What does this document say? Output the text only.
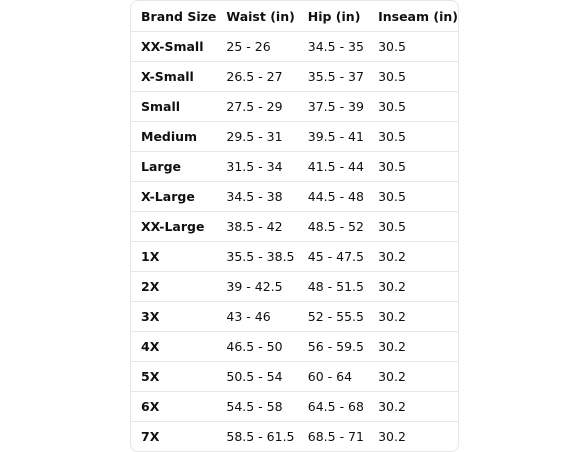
Brand Size	Waist (in)	Hip (in)	Inseam (in)
XX-Small	25 - 26	34.5 - 35	30.5
X-Small	26.5 - 27	35.5 - 37	30.5
Small	27.5 - 29	37.5 - 39	30.5
Medium	29.5 - 31	39.5 - 41	30.5
Large	31.5 - 34	41.5 - 44	30.5
X-Large	34.5 - 38	44.5 - 48	30.5
XX-Large	38.5 - 42	48.5 - 52	30.5
1X	35.5 - 38.5	45 - 47.5	30.2
2X	39 - 42.5	48 - 51.5	30.2
3X	43 - 46	52 - 55.5	30.2
4X	46.5 - 50	56 - 59.5	30.2
5X	50.5 - 54	60 - 64	30.2
6X	54.5 - 58	64.5 - 68	30.2
7X	58.5 - 61.5	68.5 - 71	30.2
